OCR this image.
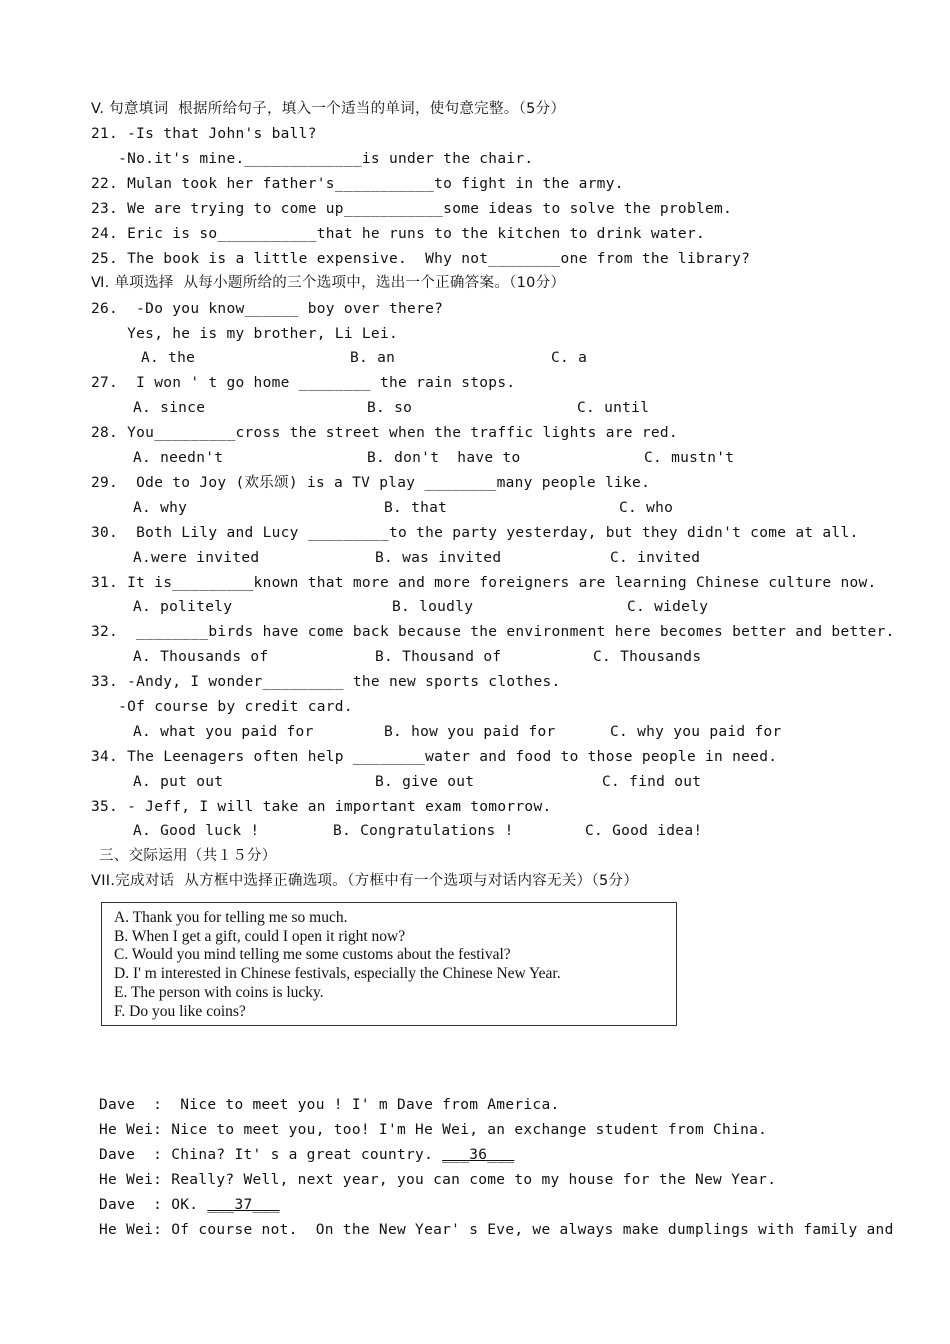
V. 句意填词  根据所给句子，填入一个适当的单词，使句意完整。（5分）
21. -Is that John's ball?
-No.it's mine._____________is under the chair.
22. Mulan took her father's___________to fight in the army.
23. We are trying to come up___________some ideas to solve the problem.
24. Eric is so___________that he runs to the kitchen to drink water.
25. The book is a little expensive.  Why not________one from the library?
Ⅵ. 单项选择  从每小题所给的三个选项中，选出一个正确答案。（10分）
26.  -Do you know______ boy over there?
Yes, he is my brother, Li Lei.
A. the	B. an	C. a
27.  I won ' t go home ________ the rain stops.
A. since	B. so	C. until
28. You_________cross the street when the traffic lights are red.
A. needn't	B. don't  have to	C. mustn't
29.  Ode to Joy (欢乐颂) is a TV play ________many people like.
A. why	B. that	C. who
30.  Both Lily and Lucy _________to the party yesterday, but they didn't come at all.
A.were invited	B. was invited	C. invited
31. It is_________known that more and more foreigners are learning Chinese culture now.
A. politely	B. loudly	C. widely
32.  ________birds have come back because the environment here becomes better and better.
A. Thousands of	B. Thousand of	C. Thousands
33. -Andy, I wonder_________ the new sports clothes.
-Of course by credit card.
A. what you paid for	B. how you paid for	C. why you paid for
34. The Leenagers often help ________water and food to those people in need.
A. put out	B. give out	C. find out
35. - Jeff, I will take an important exam tomorrow.
A. Good luck !	B. Congratulations !	C. Good idea!
三、交际运用（共１５分）
VII.完成对话  从方框中选择正确选项。（方框中有一个选项与对话内容无关）（5分）
A. Thank you for telling me so much.
B. When I get a gift, could I open it right now?
C. Would you mind telling me some customs about the festival?
D. I' m interested in Chinese festivals, especially the Chinese New Year.
E. The person with coins is lucky.
F. Do you like coins?
Dave  :  Nice to meet you ! I' m Dave from America.
He Wei: Nice to meet you, too! I'm He Wei, an exchange student from China.
Dave  : China? It' s a great country. ___36___
He Wei: Really? Well, next year, you can come to my house for the New Year.
Dave  : OK. ___37___
He Wei: Of course not.  On the New Year' s Eve, we always make dumplings with family and
